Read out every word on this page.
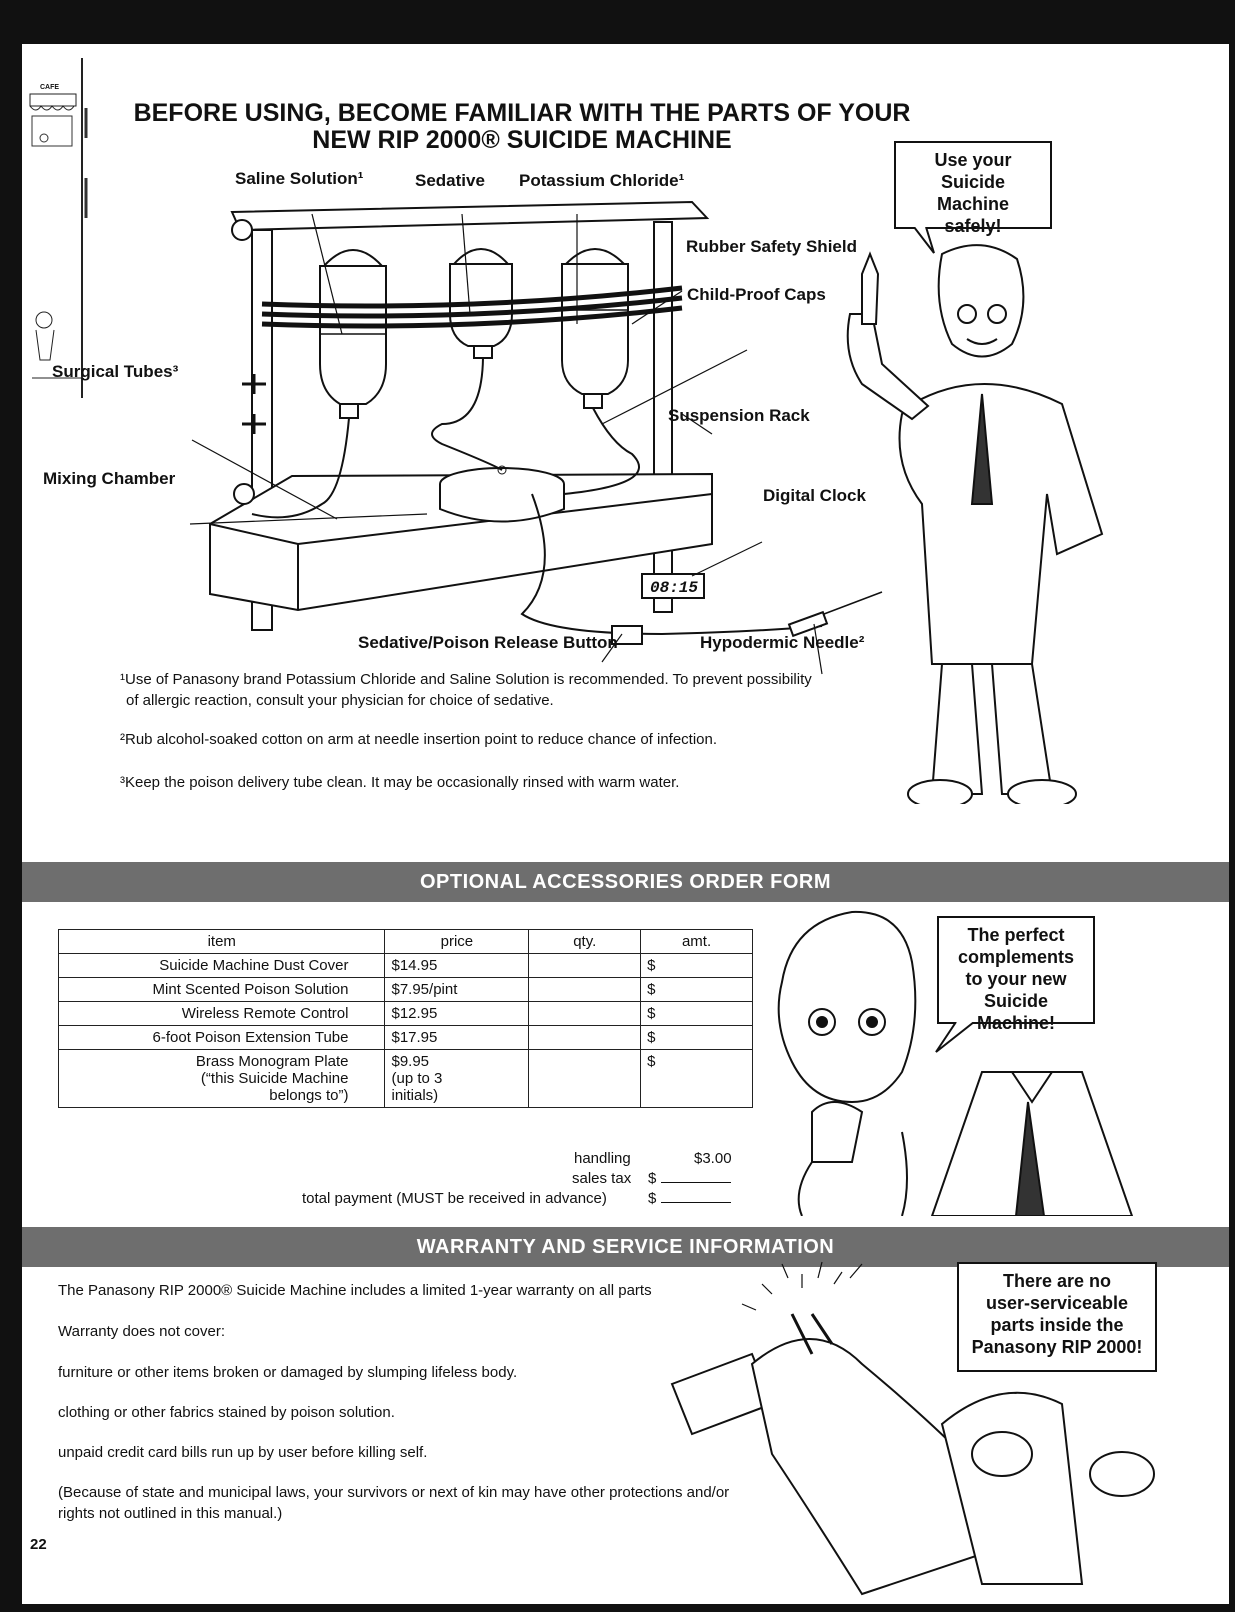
BEFORE USING, BECOME FAMILIAR WITH THE PARTS OF YOUR
NEW RIP 2000® SUICIDE MACHINE
CAFE
08:15
Saline Solution¹	Sedative Potassium Chloride¹
Rubber Safety Shield
Child-Proof Caps
Surgical Tubes³
Suspension Rack
Mixing Chamber
Digital Clock
Sedative/Poison Release Button	Hypodermic Needle²
¹Use of Panasony brand Potassium Chloride and Saline Solution is recommended. To prevent possibility
of allergic reaction, consult your physician for choice of sedative.
²Rub alcohol-soaked cotton on arm at needle insertion point to reduce chance of infection.
³Keep the poison delivery tube clean. It may be occasionally rinsed with warm water.
Use your
Suicide Machine
safely!
OPTIONAL ACCESSORIES ORDER FORM
item	price	qty.	amt.
Suicide Machine Dust Cover	$14.95		$
Mint Scented Poison Solution	$7.95/pint		$
Wireless Remote Control	$12.95		$
6-foot Poison Extension Tube	$17.95		$
Brass Monogram Plate
(“this Suicide Machine
belongs to”)	$9.95
(up to 3
initials)		$
handling	$3.00
sales tax $
total payment (MUST be received in advance)	$
The perfect
complements
to your new
Suicide Machine!
WARRANTY AND SERVICE INFORMATION
The Panasony RIP 2000® Suicide Machine includes a limited 1-year warranty on all parts
Warranty does not cover:
furniture or other items broken or damaged by slumping lifeless body.
clothing or other fabrics stained by poison solution.
unpaid credit card bills run up by user before killing self.
(Because of state and municipal laws, your survivors or next of kin may have other protections and/or
rights not outlined in this manual.)
There are no
user-serviceable
parts inside the
Panasony RIP 2000!
22
